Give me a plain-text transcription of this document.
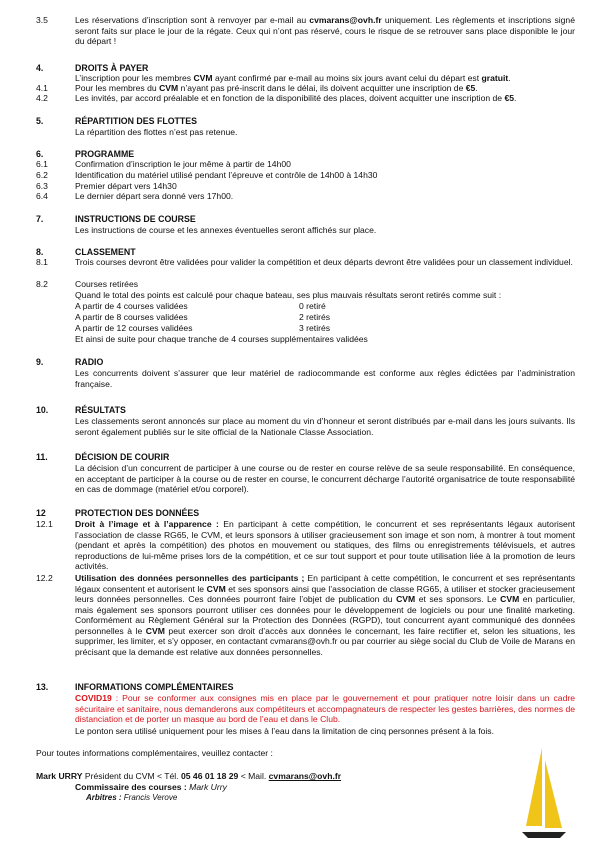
3.5	Les réservations d’inscription sont à renvoyer par e-mail au cvmarans@ovh.fr uniquement. Les règlements et inscriptions signé seront faits sur place le jour de la régate. Ceux qui n’ont pas réservé, cours le risque de se retrouver sans place disponible le jour du départ !
4.	DROITS À PAYER
L’inscription pour les membres CVM ayant confirmé par e-mail au moins six jours avant celui du départ est gratuit.
4.1	Pour les membres du CVM n’ayant pas pré-inscrit dans le délai, ils doivent acquitter une inscription de €5.
4.2	Les invités, par accord préalable et en fonction de la disponibilité des places, doivent acquitter une inscription de €5.
5.	RÉPARTITION DES FLOTTES
La répartition des flottes n’est pas retenue.
6.	PROGRAMME
6.1	Confirmation d’inscription le jour même à partir de 14h00
6.2	Identification du matériel utilisé pendant l’épreuve et contrôle de 14h00 à 14h30
6.3	Premier départ vers 14h30
6.4	Le dernier départ sera donné vers 17h00.
7.	INSTRUCTIONS DE COURSE
Les instructions de course et les annexes éventuelles seront affichés sur place.
8.	CLASSEMENT
8.1	Trois courses devront être validées pour valider la compétition et deux départs devront être validées pour un classement individuel.
8.2	Courses retirées
Quand le total des points est calculé pour chaque bateau, ses plus mauvais résultats seront retirés comme suit :
A partir de 4 courses validées	0 retiré
A partir de 8 courses validées	2 retirés
A partir de 12 courses validées	3 retirés
Et ainsi de suite pour chaque tranche de 4 courses supplémentaires validées
9.	RADIO
Les concurrents doivent s’assurer que leur matériel de radiocommande est conforme aux règles édictées par l’administration française.
10.	RÉSULTATS
Les classements seront annoncés sur place au moment du vin d’honneur et seront distribués par e-mail dans les jours suivants. Ils seront également publiés sur le site official de la Nationale Classe Association.
11.	DÉCISION DE COURIR
La décision d’un concurrent de participer à une course ou de rester en course relève de sa seule responsabilité. En conséquence, en acceptant de participer à la course ou de rester en course, le concurrent décharge l’autorité organisatrice de toute responsabilité en cas de dommage (matériel et/ou corporel).
12	PROTECTION DES DONNÉES
12.1	Droit à l’image et à l’apparence : En participant à cette compétition, le concurrent et ses représentants légaux autorisent l’association de classe RG65, le CVM, et leurs sponsors à utiliser gracieusement son image et son nom, à montrer à tout moment (pendant et après la compétition) des photos en mouvement ou statiques, des films ou enregistrements télévisuels, et autres reproductions de lui-même prises lors de la compétition, et ce sur tout support et pour toute utilisation liée à la promotion de leurs activités.
12.2	Utilisation des données personnelles des participants ; En participant à cette compétition, le concurrent et ses représentants légaux consentent et autorisent le CVM et ses sponsors ainsi que l’association de classe RG65, à utiliser et stocker gracieusement leurs données personnelles. Ces données pourront faire l’objet de publication du CVM et ses sponsors. Le CVM en particulier, mais également ses sponsors pourront utiliser ces données pour le développement de logiciels ou pour une finalité marketing. Conformément au Règlement Général sur la Protection des Données (RGPD), tout concurrent ayant communiqué des données personnelles à le CVM peut exercer son droit d’accès aux données le concernant, les faire rectifier et, selon les situations, les supprimer, les limiter, et s’y opposer, en contactant cvmarans@ovh.fr ou par courrier au siège social du Club de Voile de Marans en précisant que la demande est relative aux données personnelles.
13.	INFORMATIONS COMPLÉMENTAIRES
COVID19 : Pour se conformer aux consignes mis en place par le gouvernement et pour pratiquer notre loisir dans un cadre sécuritaire et sanitaire, nous demanderons aux compétiteurs et accompagnateurs de respecter les gestes barrières, des normes de distanciation et de porter un masque au bord de l’eau et dans le Club.
Le ponton sera utilisé uniquement pour les mises à l’eau dans la limitation de cinq personnes présent à la fois.
Pour toutes informations complémentaires, veuillez contacter :
Mark URRY Président du CVM < Tél. 05 46 01 18 29 < Mail. cvmarans@ovh.fr
Commissaire des courses : Mark Urry
Arbitres : Francis Verove
